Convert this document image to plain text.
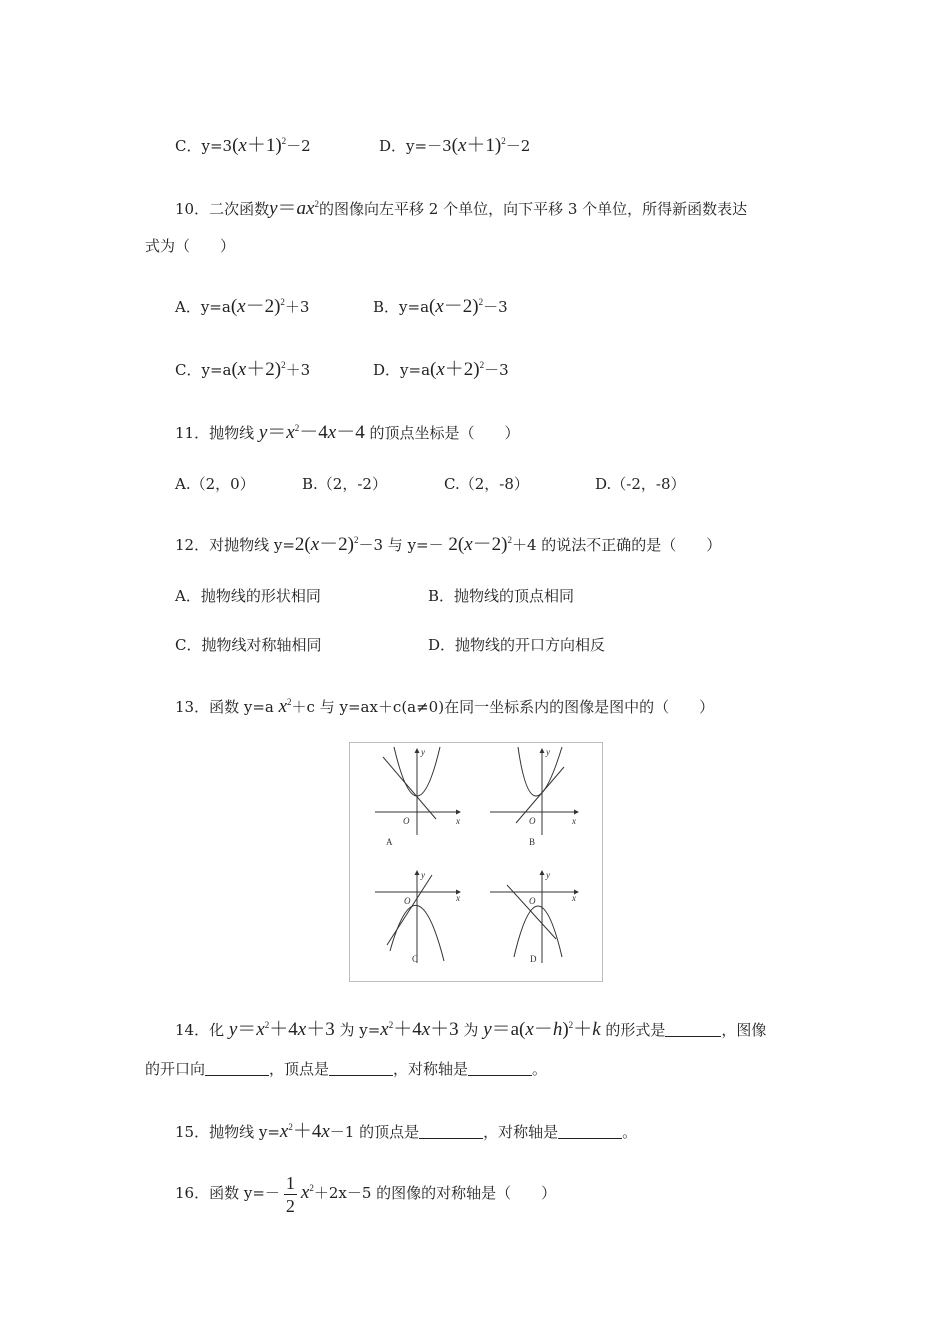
C．$y=3(x+1)^2-2$	D．$y=-3(x+1)^2-2$
10．二次函数$y=ax^2$的图像向左平移 2 个单位，向下平移 3 个单位，所得新函数表达
式为（　　）
A．$y=a(x-2)^2+3$	B．$y=a(x-2)^2-3$
C．$y=a(x+2)^2+3$	D．$y=a(x+2)^2-3$
11．抛物线 $y=x^2-4x-4$ 的顶点坐标是（　　）
A.（2，0）	B.（2，-2）	C.（2，-8）	D.（-2，-8）
12．对抛物线 $y=2(x-2)^2-3$ 与 $y=- 2(x-2)^2+4$ 的说法不正确的是（　　）
A．抛物线的形状相同	B．抛物线的顶点相同
C．抛物线对称轴相同	D．抛物线的开口方向相反
13．函数 y=a $x^2+c$ 与 y=ax＋c(a≠0)在同一坐标系内的图像是图中的（　　）
O	x
y
A
O	x
y
B
O	x
y
C
O	x
y
D
14．化 $y=x^2+4x+3$ 为 $y=x^2+4x+3$ 为 $y=a(x-h)^2+k$ 的形式是	，图像
的开口向	，顶点是	，对称轴是	。
15．抛物线 $y=x^2+4x-1$ 的顶点是	，对称轴是	。
16．函数 $y=- \frac{1}{2} x^2+2x-5$ 的图像的对称轴是（　　）
